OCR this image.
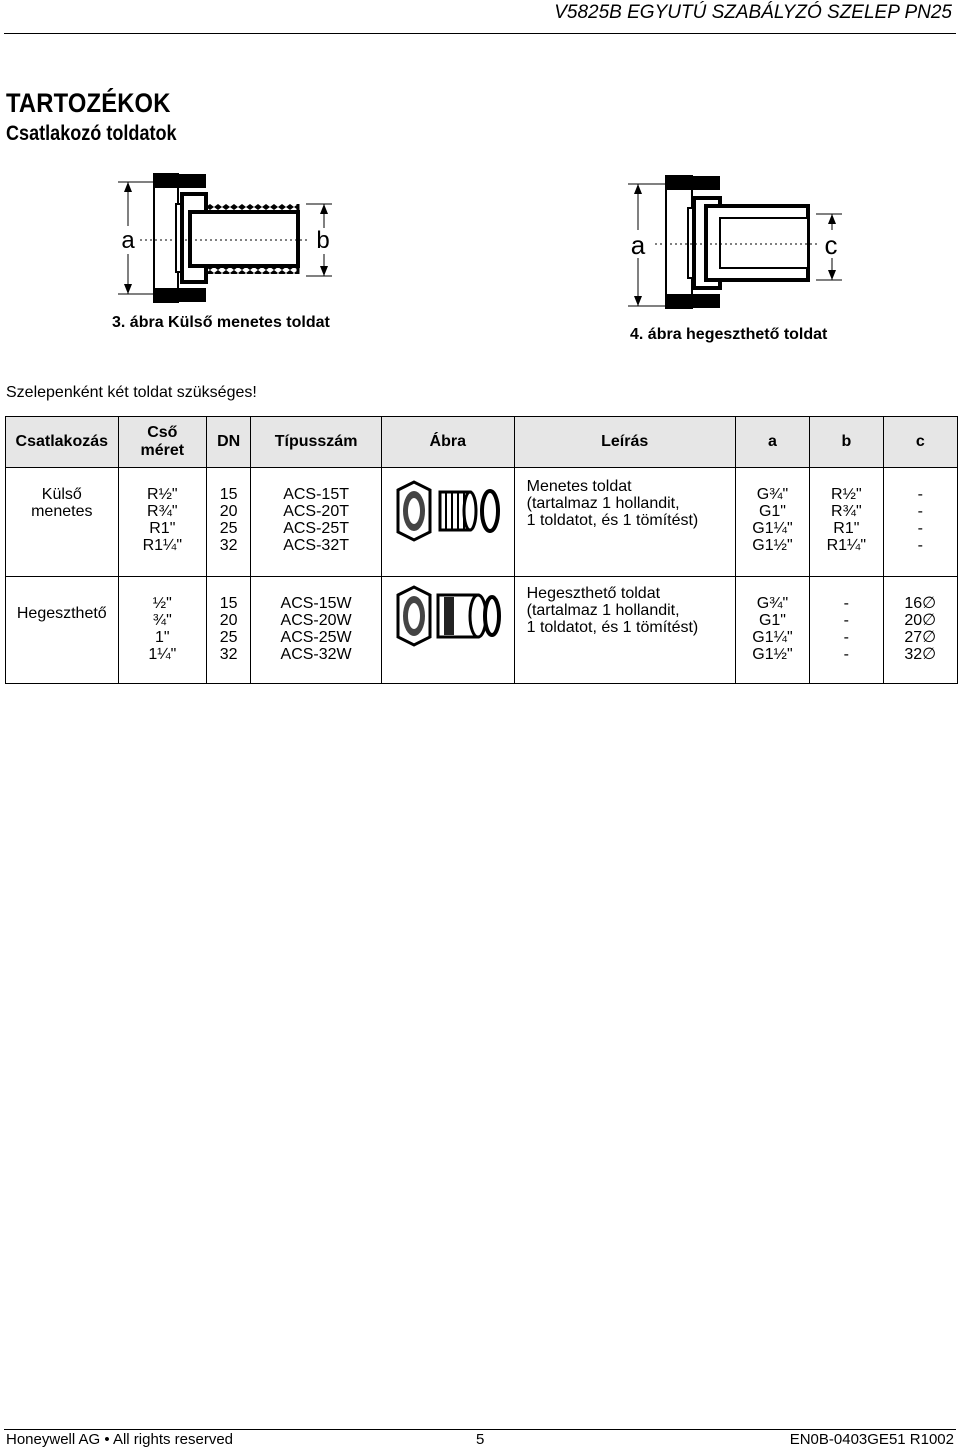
V5825B EGYUTÚ SZABÁLYZÓ SZELEP PN25
TARTOZÉKOK
Csatlakozó toldatok
a	b
3. ábra Külső menetes toldat
a	c
4. ábra hegeszthető toldat
Szelepenként két toldat szükséges!
Csatlakozás	Cső
méret	DN	Típusszám	Ábra	Leírás	a	b	c
Külső
menetes	R½"
R¾"
R1"
R1¼"	15
20
25
32	ACS-15T
ACS-20T
ACS-25T
ACS-32T		Menetes toldat
(tartalmaz 1 hollandit,
1 toldatot, és 1 tömítést)	G¾"
G1"
G1¼"
G1½"	R½"
R¾"
R1"
R1¼"	-
-
-
-
Hegeszthető	½"
¾"
1"
1¼"	15
20
25
32	ACS-15W
ACS-20W
ACS-25W
ACS-32W		Hegeszthető toldat
(tartalmaz 1 hollandit,
1 toldatot, és 1 tömítést)	G¾"
G1"
G1¼"
G1½"	-
-
-
-	16∅
20∅
27∅
32∅
Honeywell AG • All rights reserved	5	EN0B-0403GE51 R1002
